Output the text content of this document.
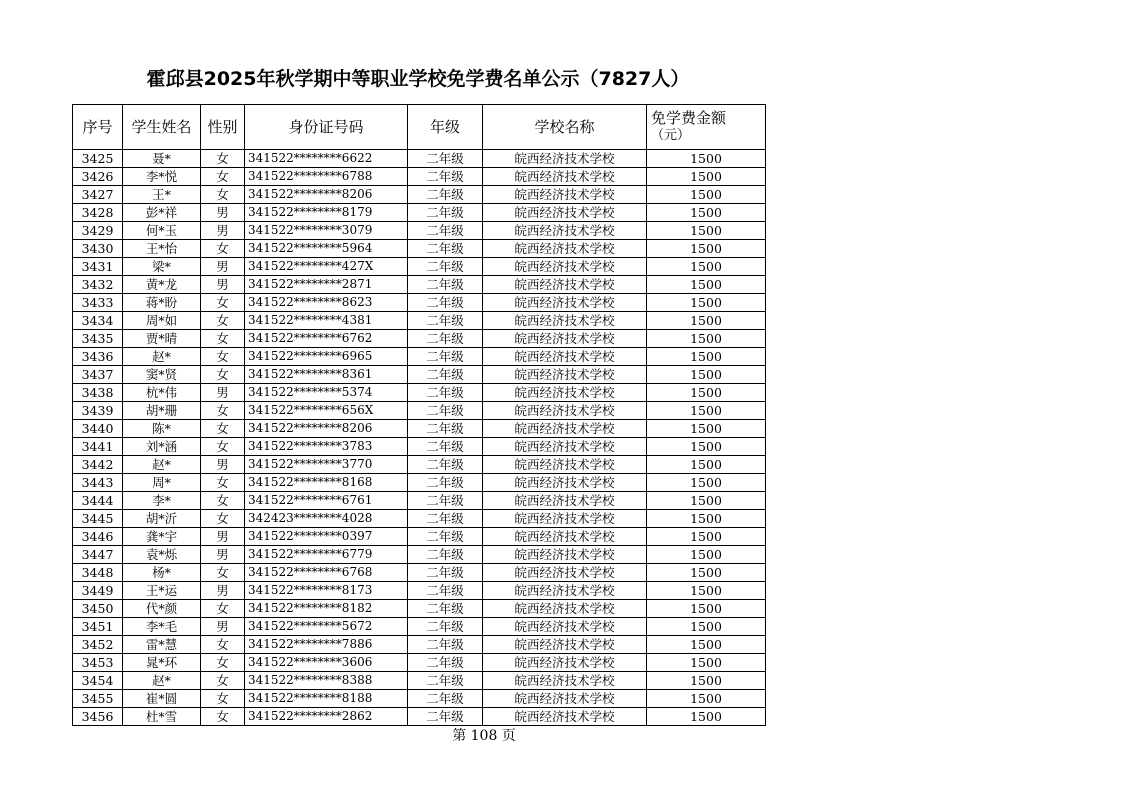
霍邱县2025年秋学期中等职业学校免学费名单公示（7827人）
序号	学生姓名	性别	身份证号码	年级	学校名称	免学费金额
（元）

3425	聂*	女	341522********6622	二年级	皖西经济技术学校	1500
3426	李*悦	女	341522********6788	二年级	皖西经济技术学校	1500
3427	王*	女	341522********8206	二年级	皖西经济技术学校	1500
3428	彭*祥	男	341522********8179	二年级	皖西经济技术学校	1500
3429	何*玉	男	341522********3079	二年级	皖西经济技术学校	1500
3430	王*怡	女	341522********5964	二年级	皖西经济技术学校	1500
3431	梁*	男	341522********427X	二年级	皖西经济技术学校	1500
3432	黄*龙	男	341522********2871	二年级	皖西经济技术学校	1500
3433	蒋*盼	女	341522********8623	二年级	皖西经济技术学校	1500
3434	周*如	女	341522********4381	二年级	皖西经济技术学校	1500
3435	贾*晴	女	341522********6762	二年级	皖西经济技术学校	1500
3436	赵*	女	341522********6965	二年级	皖西经济技术学校	1500
3437	窦*贤	女	341522********8361	二年级	皖西经济技术学校	1500
3438	杭*伟	男	341522********5374	二年级	皖西经济技术学校	1500
3439	胡*珊	女	341522********656X	二年级	皖西经济技术学校	1500
3440	陈*	女	341522********8206	二年级	皖西经济技术学校	1500
3441	刘*涵	女	341522********3783	二年级	皖西经济技术学校	1500
3442	赵*	男	341522********3770	二年级	皖西经济技术学校	1500
3443	周*	女	341522********8168	二年级	皖西经济技术学校	1500
3444	李*	女	341522********6761	二年级	皖西经济技术学校	1500
3445	胡*沂	女	342423********4028	二年级	皖西经济技术学校	1500
3446	龚*宇	男	341522********0397	二年级	皖西经济技术学校	1500
3447	袁*烁	男	341522********6779	二年级	皖西经济技术学校	1500
3448	杨*	女	341522********6768	二年级	皖西经济技术学校	1500
3449	王*运	男	341522********8173	二年级	皖西经济技术学校	1500
3450	代*颜	女	341522********8182	二年级	皖西经济技术学校	1500
3451	李*毛	男	341522********5672	二年级	皖西经济技术学校	1500
3452	雷*慧	女	341522********7886	二年级	皖西经济技术学校	1500
3453	晁*环	女	341522********3606	二年级	皖西经济技术学校	1500
3454	赵*	女	341522********8388	二年级	皖西经济技术学校	1500
3455	崔*圆	女	341522********8188	二年级	皖西经济技术学校	1500
3456	杜*雪	女	341522********2862	二年级	皖西经济技术学校	1500
第 108 页
